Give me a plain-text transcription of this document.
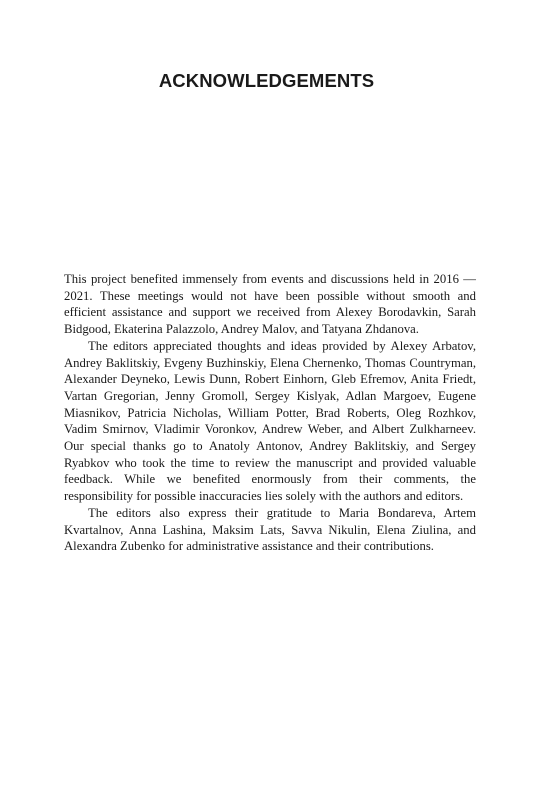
ACKNOWLEDGEMENTS

This project benefited immensely from events and discussions held in 2016 — 2021. These meetings would not have been possible without smooth and efficient assistance and support we received from Alexey Borodavkin, Sarah Bidgood, Ekaterina Palazzolo, Andrey Malov, and Tatyana Zhdanova.

The editors appreciated thoughts and ideas provided by Alexey Arbatov, Andrey Baklitskiy, Evgeny Buzhinskiy, Elena Chernenko, Thomas Countryman, Alexander Deyneko, Lewis Dunn, Robert Einhorn, Gleb Efremov, Anita Friedt, Vartan Gregorian, Jenny Gromoll, Sergey Kislyak, Adlan Margoev, Eugene Miasnikov, Patricia Nicholas, William Potter, Brad Roberts, Oleg Rozhkov, Vadim Smirnov, Vladimir Voronkov, Andrew Weber, and Albert Zulkharneev. Our special thanks go to Anatoly Antonov, Andrey Baklitskiy, and Sergey Ryabkov who took the time to review the manuscript and provided valuable feedback. While we benefited enormously from their comments, the responsibility for possible inaccuracies lies solely with the authors and editors.

The editors also express their gratitude to Maria Bondareva, Artem Kvartalnov, Anna Lashina, Maksim Lats, Savva Nikulin, Elena Ziulina, and Alexandra Zubenko for administrative assistance and their contributions.
